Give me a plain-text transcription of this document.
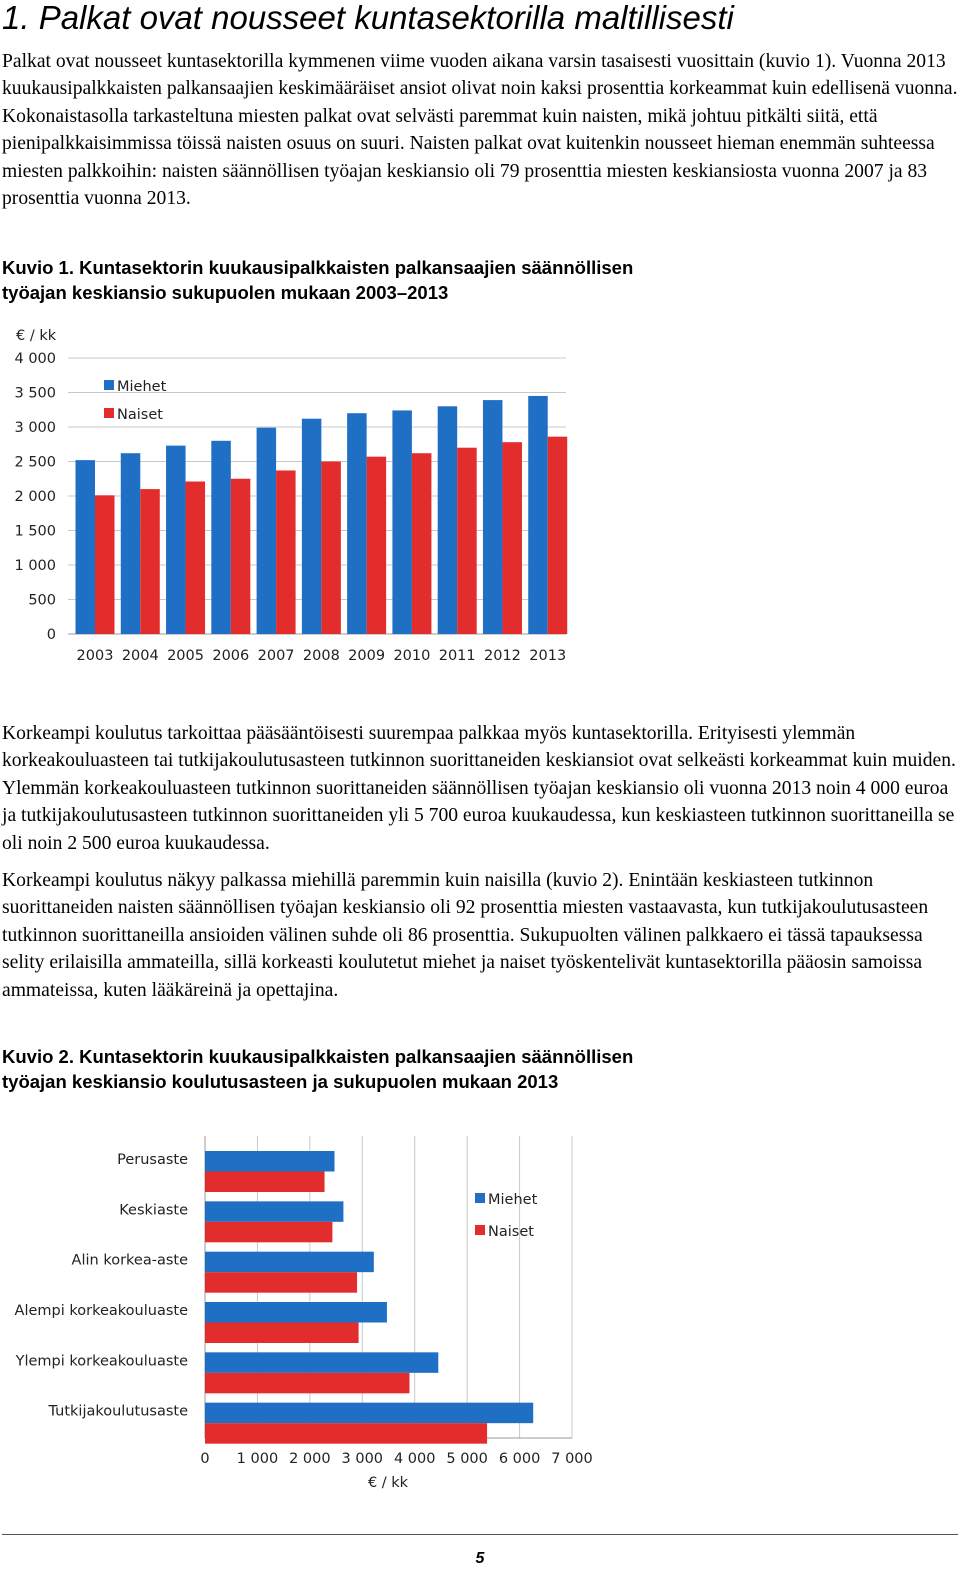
1. Palkat ovat nousseet kuntasektorilla maltillisesti

Palkat ovat nousseet kuntasektorilla kymmenen viime vuoden aikana varsin tasaisesti vuosittain (kuvio 1). Vuonna 2013 kuukausipalkkaisten palkansaajien keskimääräiset ansiot olivat noin kaksi prosenttia korkeammat kuin edellisenä vuonna. Kokonaistasolla tarkasteltuna miesten palkat ovat selvästi paremmat kuin naisten, mikä johtuu pitkälti siitä, että pienipalkkaisimmissa töissä naisten osuus on suuri. Naisten palkat ovat kuitenkin nousseet hieman enemmän suhteessa miesten palkkoihin: naisten säännöllisen työajan keskiansio oli 79 prosenttia miesten keskiansiosta vuonna 2007 ja 83 prosenttia vuonna 2013.

Kuvio 1. Kuntasektorin kuukausipalkkaisten palkansaajien säännöllisen työajan keskiansio sukupuolen mukaan 2003–2013

€ / kk
0
500
1 000
1 500
2 000
2 500
3 000
3 500
4 000
2003 2004 2005 2006 2007 2008 2009 2010 2011 2012 2013
Miehet
Naiset

Korkeampi koulutus tarkoittaa pääsääntöisesti suurempaa palkkaa myös kuntasektorilla. Erityisesti ylemmän korkeakouluasteen tai tutkijakoulutusasteen tutkinnon suorittaneiden keskiansiot ovat selkeästi korkeammat kuin muiden. Ylemmän korkeakouluasteen tutkinnon suorittaneiden säännöllisen työajan keskiansio oli vuonna 2013 noin 4 000 euroa ja tutkijakoulutusasteen tutkinnon suorittaneiden yli 5 700 euroa kuukaudessa, kun keskiasteen tutkinnon suorittaneilla se oli noin 2 500 euroa kuukaudessa.

Korkeampi koulutus näkyy palkassa miehillä paremmin kuin naisilla (kuvio 2). Enintään keskiasteen tutkinnon suorittaneiden naisten säännöllisen työajan keskiansio oli 92 prosenttia miesten vastaavasta, kun tutkijakoulutusasteen tutkinnon suorittaneilla ansioiden välinen suhde oli 86 prosenttia. Sukupuolten välinen palkkaero ei tässä tapauksessa selity erilaisilla ammateilla, sillä korkeasti koulutetut miehet ja naiset työskentelivät kuntasektorilla pääosin samoissa ammateissa, kuten lääkäreinä ja opettajina.

Kuvio 2. Kuntasektorin kuukausipalkkaisten palkansaajien säännöllisen työajan keskiansio koulutusasteen ja sukupuolen mukaan 2013

0 1 000 2 000 3 000 4 000 5 000 6 000 7 000
€ / kk
Perusaste
Keskiaste
Alin korkea-aste
Alempi korkeakouluaste
Ylempi korkeakouluaste
Tutkijakoulutusaste
Miehet
Naiset
5
